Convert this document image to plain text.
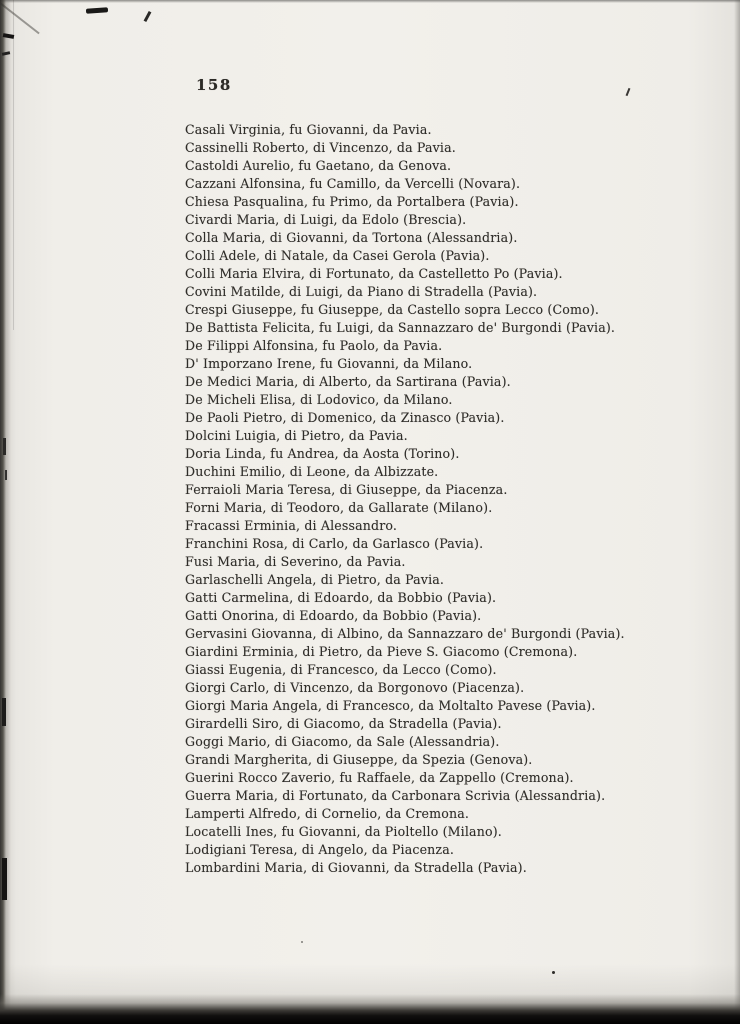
158
Casali Virginia, fu Giovanni, da Pavia.
Cassinelli Roberto, di Vincenzo, da Pavia.
Castoldi Aurelio, fu Gaetano, da Genova.
Cazzani Alfonsina, fu Camillo, da Vercelli (Novara).
Chiesa Pasqualina, fu Primo, da Portalbera (Pavia).
Civardi Maria, di Luigi, da Edolo (Brescia).
Colla Maria, di Giovanni, da Tortona (Alessandria).
Colli Adele, di Natale, da Casei Gerola (Pavia).
Colli Maria Elvira, di Fortunato, da Castelletto Po (Pavia).
Covini Matilde, di Luigi, da Piano di Stradella (Pavia).
Crespi Giuseppe, fu Giuseppe, da Castello sopra Lecco (Como).
De Battista Felicita, fu Luigi, da Sannazzaro de' Burgondi (Pavia).
De Filippi Alfonsina, fu Paolo, da Pavia.
D' Imporzano Irene, fu Giovanni, da Milano.
De Medici Maria, di Alberto, da Sartirana (Pavia).
De Micheli Elisa, di Lodovico, da Milano.
De Paoli Pietro, di Domenico, da Zinasco (Pavia).
Dolcini Luigia, di Pietro, da Pavia.
Doria Linda, fu Andrea, da Aosta (Torino).
Duchini Emilio, di Leone, da Albizzate.
Ferraioli Maria Teresa, di Giuseppe, da Piacenza.
Forni Maria, di Teodoro, da Gallarate (Milano).
Fracassi Erminia, di Alessandro.
Franchini Rosa, di Carlo, da Garlasco (Pavia).
Fusi Maria, di Severino, da Pavia.
Garlaschelli Angela, di Pietro, da Pavia.
Gatti Carmelina, di Edoardo, da Bobbio (Pavia).
Gatti Onorina, di Edoardo, da Bobbio (Pavia).
Gervasini Giovanna, di Albino, da Sannazzaro de' Burgondi (Pavia).
Giardini Erminia, di Pietro, da Pieve S. Giacomo (Cremona).
Giassi Eugenia, di Francesco, da Lecco (Como).
Giorgi Carlo, di Vincenzo, da Borgonovo (Piacenza).
Giorgi Maria Angela, di Francesco, da Moltalto Pavese (Pavia).
Girardelli Siro, di Giacomo, da Stradella (Pavia).
Goggi Mario, di Giacomo, da Sale (Alessandria).
Grandi Margherita, di Giuseppe, da Spezia (Genova).
Guerini Rocco Zaverio, fu Raffaele, da Zappello (Cremona).
Guerra Maria, di Fortunato, da Carbonara Scrivia (Alessandria).
Lamperti Alfredo, di Cornelio, da Cremona.
Locatelli Ines, fu Giovanni, da Pioltello (Milano).
Lodigiani Teresa, di Angelo, da Piacenza.
Lombardini Maria, di Giovanni, da Stradella (Pavia).
